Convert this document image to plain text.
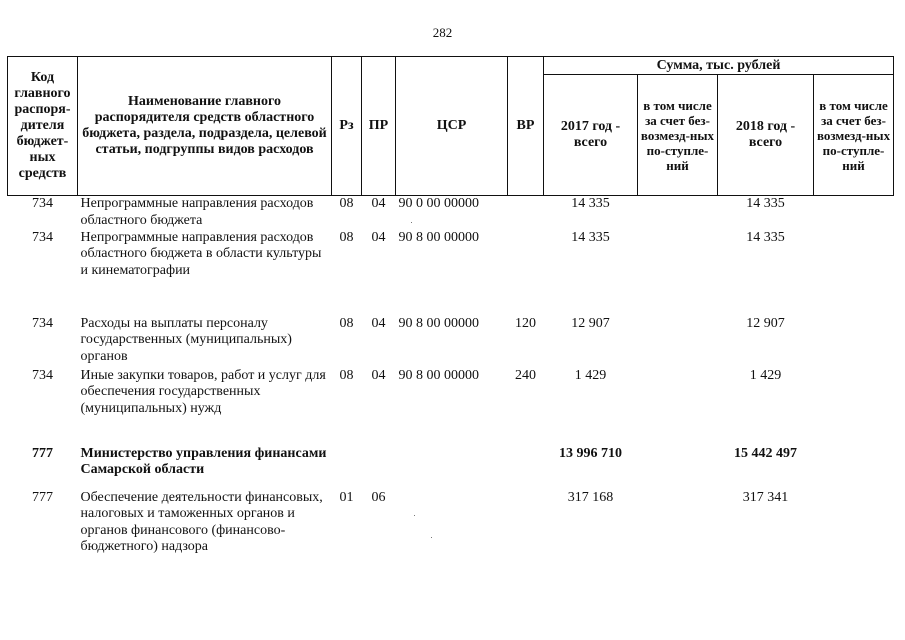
282
Код главного распоря-дителя бюджет-ных средств	Наименование главного распорядителя средств областного бюджета, раздела, подраздела, целевой статьи, подгруппы видов расходов	Рз	ПР	ЦСР	ВР	Сумма, тыс. рублей			
						2017 год - всего	в том числе за счет без-возмезд-ных по-ступле-ний	2018 год - всего	в том числе за счет без-возмезд-ных по-ступле-ний
734	Непрограммные направления расходов областного бюджета	08	04	90 0 00 00000		14 335		14 335	
734	Непрограммные направления расходов областного бюджета в области культуры и кинематографии	08	04	90 8 00 00000		14 335		14 335	
734	Расходы на выплаты персоналу государственных (муниципальных) органов	08	04	90 8 00 00000	120	12 907		12 907	
734	Иные закупки товаров, работ и услуг для обеспечения государственных (муниципальных) нужд	08	04	90 8 00 00000	240	1 429		1 429	
777	Министерство управления финансами Самарской области					13 996 710		15 442 497	
777	Обеспечение деятельности финансовых, налоговых и таможенных органов и органов финансового (финансово-бюджетного) надзора	01	06			317 168		317 341	
